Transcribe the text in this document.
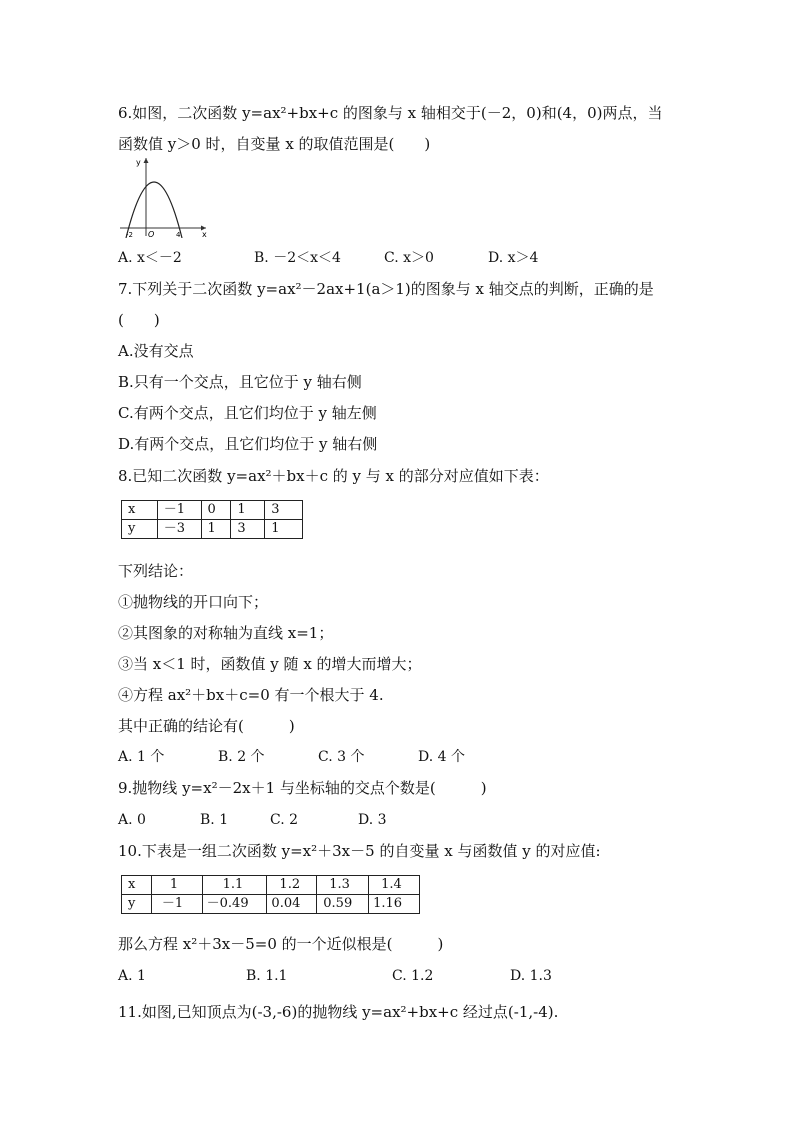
6.如图，二次函数 y=ax²+bx+c 的图象与 x 轴相交于(－2，0)和(4，0)两点，当
函数值 y＞0 时，自变量 x 的取值范围是(　　)
y
x
O
-2	4
A. x＜－2	B. －2＜x＜4	C. x＞0	D. x＞4
7.下列关于二次函数 y=ax²－2ax+1(a＞1)的图象与 x 轴交点的判断，正确的是
(　　)
A.没有交点
B.只有一个交点，且它位于 y 轴右侧
C.有两个交点，且它们均位于 y 轴左侧
D.有两个交点，且它们均位于 y 轴右侧
8.已知二次函数 y=ax²＋bx＋c 的 y 与 x 的部分对应值如下表：
x	－1	0	1	3
y	－3	1	3	1
下列结论：
①抛物线的开口向下；
②其图象的对称轴为直线 x=1；
③当 x＜1 时，函数值 y 随 x 的增大而增大；
④方程 ax²＋bx＋c=0 有一个根大于 4.
其中正确的结论有(　　　)
A. 1 个	B. 2 个	C. 3 个	D. 4 个
9.抛物线 y=x²－2x＋1 与坐标轴的交点个数是(　　　)
A. 0	B. 1	C. 2	D. 3
10.下表是一组二次函数 y=x²＋3x－5 的自变量 x 与函数值 y 的对应值:
x	1	1.1	1.2	1.3	1.4
y	－1	－0.49	0.04	0.59	1.16
那么方程 x²＋3x－5=0 的一个近似根是(　　　)
A. 1	B. 1.1	C. 1.2	D. 1.3
11.如图,已知顶点为(-3,-6)的抛物线 y=ax²+bx+c 经过点(-1,-4).
